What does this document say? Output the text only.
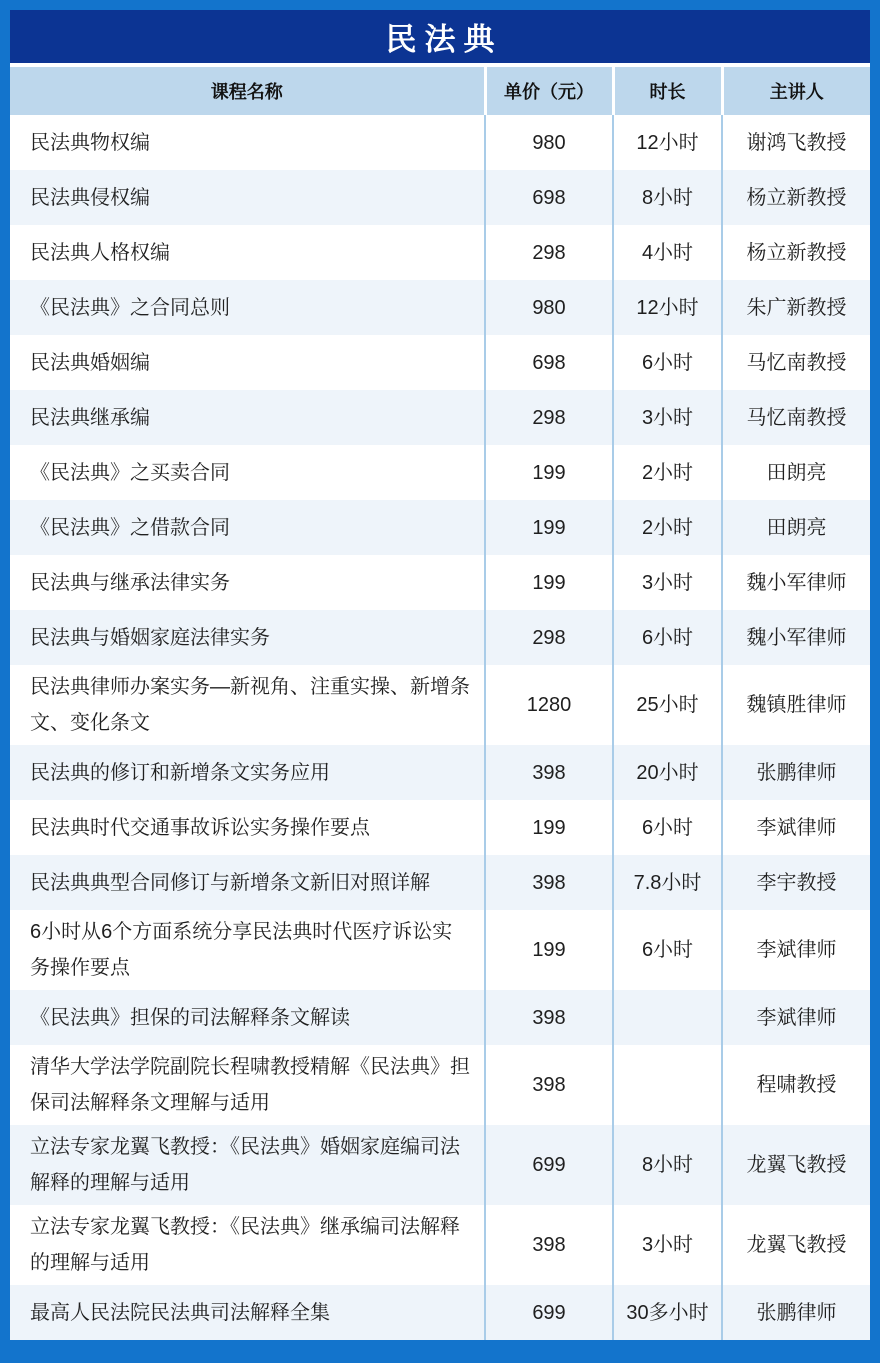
民法典
课程名称	单价（元）	时长	主讲人
民法典物权编	980	12小时	谢鸿飞教授
民法典侵权编	698	8小时	杨立新教授
民法典人格权编	298	4小时	杨立新教授
《民法典》之合同总则	980	12小时	朱广新教授
民法典婚姻编	698	6小时	马忆南教授
民法典继承编	298	3小时	马忆南教授
《民法典》之买卖合同	199	2小时	田朗亮
《民法典》之借款合同	199	2小时	田朗亮
民法典与继承法律实务	199	3小时	魏小军律师
民法典与婚姻家庭法律实务	298	6小时	魏小军律师
民法典律师办案实务—新视角、注重实操、新增条文、变化条文	1280	25小时	魏镇胜律师
民法典的修订和新增条文实务应用	398	20小时	张鹏律师
民法典时代交通事故诉讼实务操作要点	199	6小时	李斌律师
民法典典型合同修订与新增条文新旧对照详解	398	7.8小时	李宇教授
6小时从6个方面系统分享民法典时代医疗诉讼实务操作要点	199	6小时	李斌律师
《民法典》担保的司法解释条文解读	398		李斌律师
清华大学法学院副院长程啸教授精解《民法典》担保司法解释条文理解与适用	398		程啸教授
立法专家龙翼飞教授：《民法典》婚姻家庭编司法解释的理解与适用	699	8小时	龙翼飞教授
立法专家龙翼飞教授：《民法典》继承编司法解释的理解与适用	398	3小时	龙翼飞教授
最高人民法院民法典司法解释全集	699	30多小时	张鹏律师
